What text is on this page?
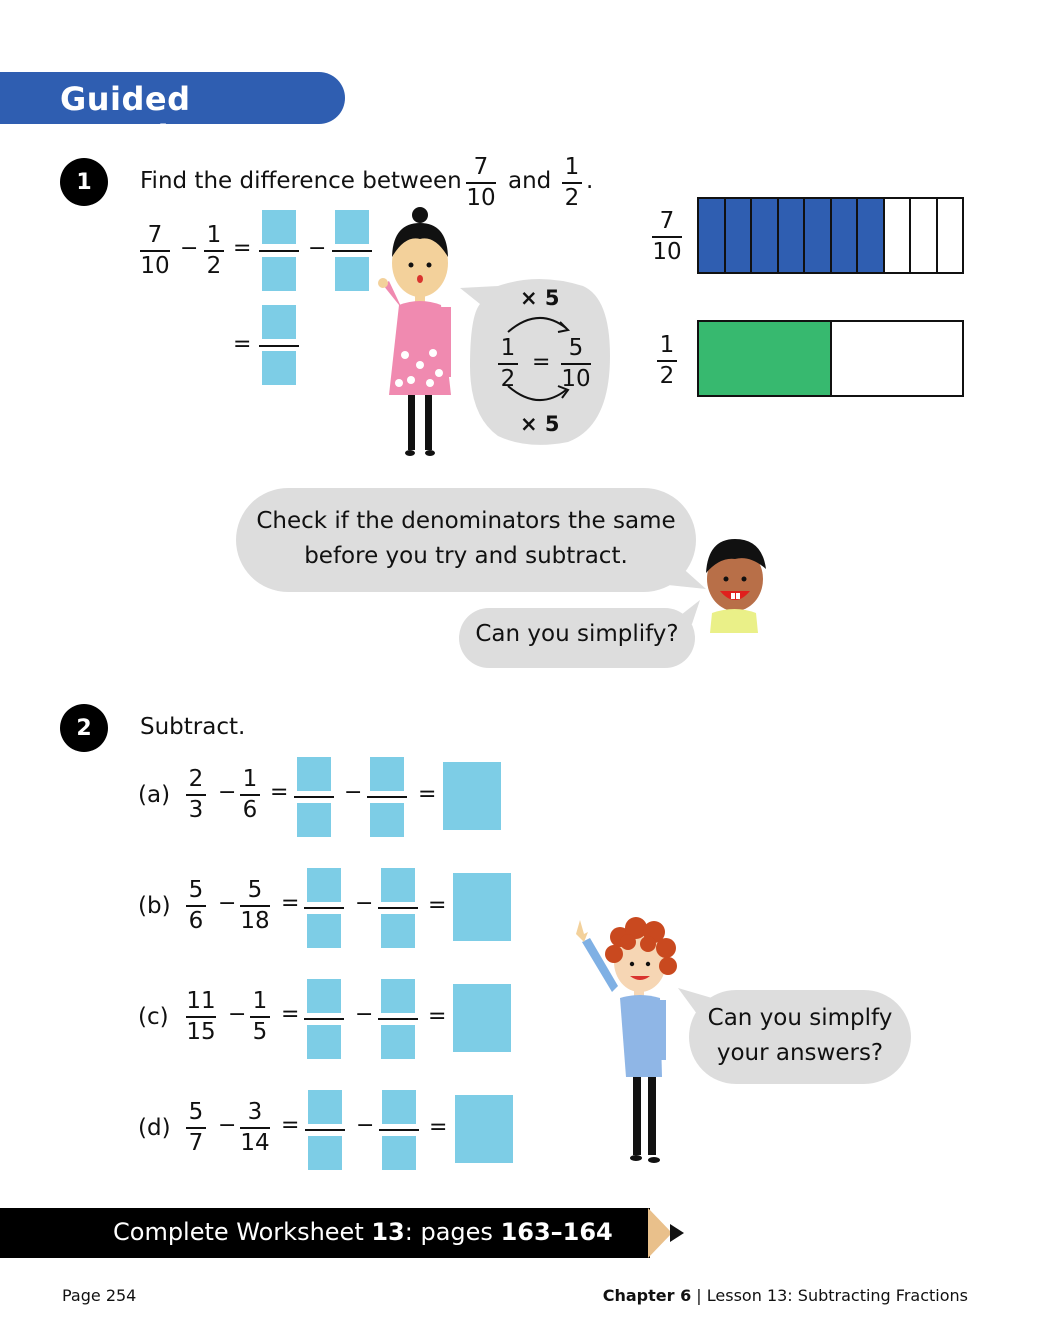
Guided Practice
1	Find the difference between
7
10
and
1
2
.
7
10
−
1
2
=	−
=
× 5
× 5
1
2
=
5
10
7
10
1
2
Check if the denominators the same
before you try and subtract.
Can you simplify?
2	Subtract.
(a)
2
3
−
1
6
=	−	=
(b)
5
6
−
5
18
=	− =
(c)
11
15
−
1
5
=	− =
(d)
5
7
−
3
14
=	− =
Can you simplfy
your answers?
Complete Worksheet 13: pages 163–164
Page 254	Chapter 6 | Lesson 13: Subtracting Fractions
